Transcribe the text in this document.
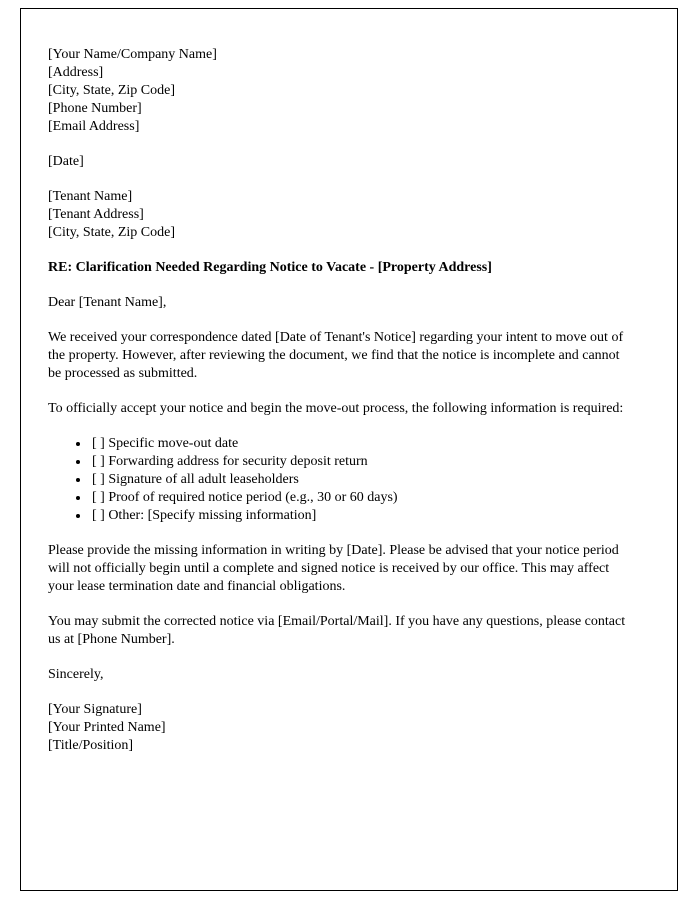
[Your Name/Company Name]
[Address]
[City, State, Zip Code]
[Phone Number]
[Email Address]
[Date]
[Tenant Name]
[Tenant Address]
[City, State, Zip Code]
RE: Clarification Needed Regarding Notice to Vacate - [Property Address]
Dear [Tenant Name],
We received your correspondence dated [Date of Tenant's Notice] regarding your intent to move out of the property. However, after reviewing the document, we find that the notice is incomplete and cannot be processed as submitted.
To officially accept your notice and begin the move-out process, the following information is required:
• [ ] Specific move-out date
• [ ] Forwarding address for security deposit return
• [ ] Signature of all adult leaseholders
• [ ] Proof of required notice period (e.g., 30 or 60 days)
• [ ] Other: [Specify missing information]
Please provide the missing information in writing by [Date]. Please be advised that your notice period will not officially begin until a complete and signed notice is received by our office. This may affect your lease termination date and financial obligations.
You may submit the corrected notice via [Email/Portal/Mail]. If you have any questions, please contact us at [Phone Number].
Sincerely,
[Your Signature]
[Your Printed Name]
[Title/Position]
